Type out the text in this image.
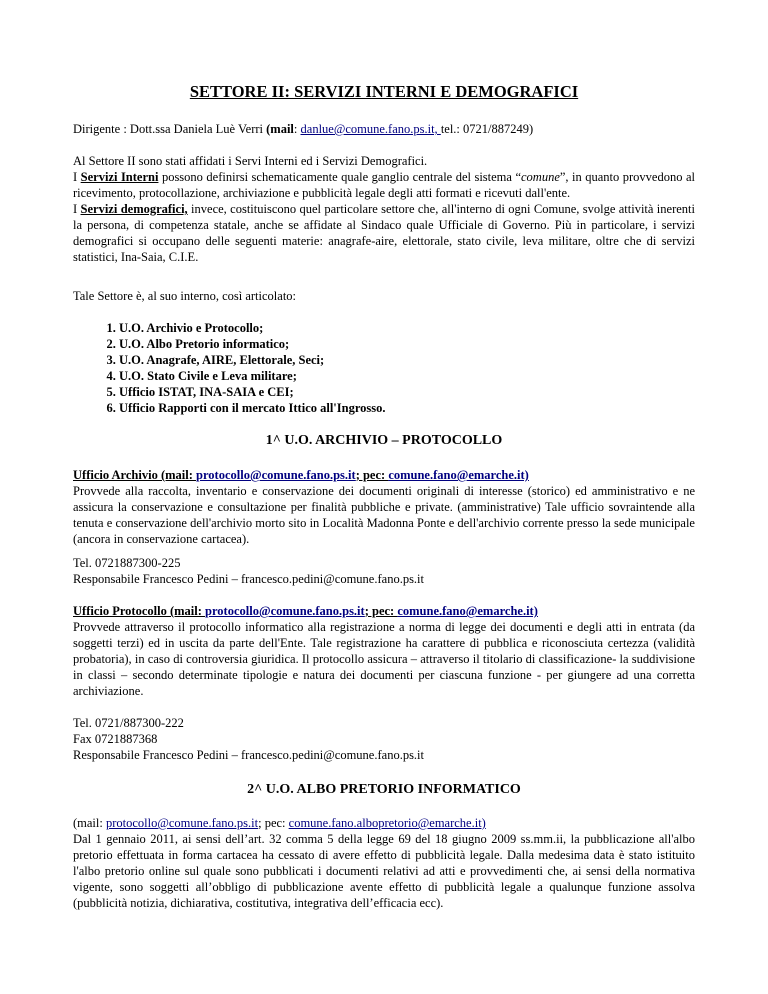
SETTORE II: SERVIZI INTERNI E DEMOGRAFICI
Dirigente : Dott.ssa Daniela Luè Verri (mail: danlue@comune.fano.ps.it, tel.: 0721/887249)
Al Settore II sono stati affidati i Servi Interni ed i Servizi Demografici.
I Servizi Interni possono definirsi schematicamente quale ganglio centrale del sistema “comune”, in quanto provvedono al ricevimento, protocollazione, archiviazione e pubblicità legale degli atti formati e ricevuti dall'ente.
I Servizi demografici, invece, costituiscono quel particolare settore che, all'interno di ogni Comune, svolge attività inerenti la persona, di competenza statale, anche se affidate al Sindaco quale Ufficiale di Governo. Più in particolare, i servizi demografici si occupano delle seguenti materie: anagrafe-aire, elettorale, stato civile, leva militare, oltre che di servizi statistici, Ina-Saia, C.I.E.
Tale Settore è, al suo interno, così articolato:
1. U.O. Archivio e Protocollo;
2. U.O. Albo Pretorio informatico;
3. U.O. Anagrafe, AIRE, Elettorale, Seci;
4. U.O. Stato Civile e Leva militare;
5. Ufficio ISTAT, INA-SAIA e CEI;
6. Ufficio Rapporti con il mercato Ittico all'Ingrosso.
1^ U.O. ARCHIVIO – PROTOCOLLO
Ufficio Archivio (mail: protocollo@comune.fano.ps.it; pec: comune.fano@emarche.it)
Provvede alla raccolta, inventario e conservazione dei documenti originali di interesse (storico) ed amministrativo e ne assicura la conservazione e consultazione per finalità pubbliche e private. (amministrative) Tale ufficio sovraintende alla tenuta e conservazione dell'archivio morto sito in Località Madonna Ponte e dell'archivio corrente presso la sede municipale (ancora in conservazione cartacea).
Tel. 0721887300-225
Responsabile Francesco Pedini – francesco.pedini@comune.fano.ps.it
Ufficio Protocollo (mail: protocollo@comune.fano.ps.it; pec: comune.fano@emarche.it)
Provvede attraverso il protocollo informatico alla registrazione a norma di legge dei documenti e degli atti in entrata (da soggetti terzi) ed in uscita da parte dell'Ente. Tale registrazione ha carattere di pubblica e riconosciuta certezza (validità probatoria), in caso di controversia giuridica. Il protocollo assicura – attraverso il titolario di classificazione- la suddivisione in classi – secondo determinate tipologie e natura dei documenti per ciascuna funzione - per giungere ad una corretta archiviazione.
Tel. 0721/887300-222
Fax 0721887368
Responsabile Francesco Pedini – francesco.pedini@comune.fano.ps.it
2^ U.O. ALBO PRETORIO INFORMATICO
(mail: protocollo@comune.fano.ps.it; pec: comune.fano.albopretorio@emarche.it)
Dal 1 gennaio 2011, ai sensi dell’art. 32 comma 5 della legge 69 del 18 giugno 2009 ss.mm.ii, la pubblicazione all'albo pretorio effettuata in forma cartacea ha cessato di avere effetto di pubblicità legale. Dalla medesima data è stato istituito l'albo pretorio online sul quale sono pubblicati i documenti relativi ad atti e provvedimenti che, ai sensi della normativa vigente, sono soggetti all’obbligo di pubblicazione avente effetto di pubblicità legale a qualunque funzione assolva (pubblicità notizia, dichiarativa, costitutiva, integrativa dell’efficacia ecc).
